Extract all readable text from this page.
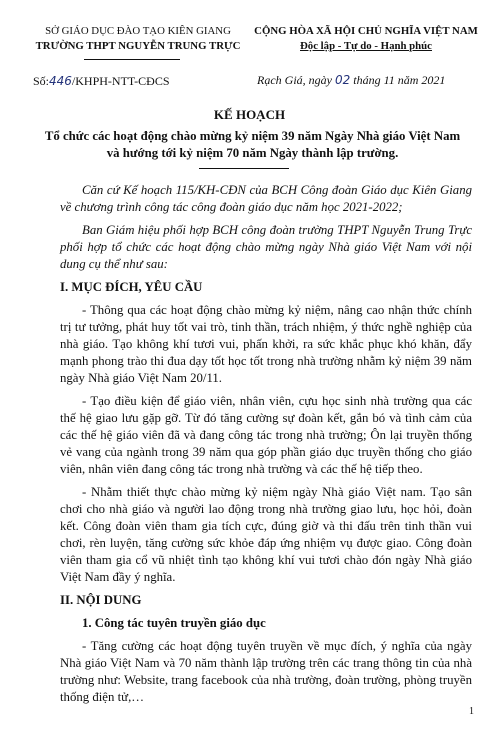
SỞ GIÁO DỤC ĐÀO TẠO KIÊN GIANG
TRƯỜNG THPT NGUYỄN TRUNG TRỰC
CỘNG HÒA XÃ HỘI CHỦ NGHĨA VIỆT NAM
Độc lập - Tự do - Hạnh phúc
Số:446/KHPH-NTT-CĐCS	Rạch Giá, ngày 02 tháng 11 năm 2021
KẾ HOẠCH
Tổ chức các hoạt động chào mừng kỷ niệm 39 năm Ngày Nhà giáo Việt Nam và hướng tới kỷ niệm 70 năm Ngày thành lập trường.

Căn cứ Kế hoạch 115/KH-CĐN của BCH Công đoàn Giáo dục Kiên Giang về chương trình công tác công đoàn giáo dục năm học 2021-2022;

Ban Giám hiệu phối hợp BCH công đoàn trường THPT Nguyễn Trung Trực phối hợp tổ chức các hoạt động chào mừng ngày Nhà giáo Việt Nam với nội dung cụ thể như sau:

I. MỤC ĐÍCH, YÊU CẦU

- Thông qua các hoạt động chào mừng kỷ niệm, nâng cao nhận thức chính trị tư tưởng, phát huy tốt vai trò, tinh thần, trách nhiệm, ý thức nghề nghiệp của nhà giáo. Tạo không khí tươi vui, phấn khởi, ra sức khắc phục khó khăn, đẩy mạnh phong trào thi đua dạy tốt học tốt trong nhà trường nhằm kỷ niệm 39 năm ngày Nhà giáo Việt Nam 20/11.

- Tạo điều kiện để giáo viên, nhân viên, cựu học sinh nhà trường qua các thế hệ giao lưu gặp gỡ. Từ đó tăng cường sự đoàn kết, gắn bó và tình cảm của các thế hệ giáo viên đã và đang công tác trong nhà trường; Ôn lại truyền thống vẻ vang của ngành trong 39 năm qua góp phần giáo dục truyền thống cho giáo viên, nhân viên đang công tác trong nhà trường và các thế hệ tiếp theo.

- Nhằm thiết thực chào mừng kỷ niệm ngày Nhà giáo Việt nam. Tạo sân chơi cho nhà giáo và người lao động trong nhà trường giao lưu, học hỏi, đoàn kết. Công đoàn viên tham gia tích cực, đúng giờ và thi đấu trên tinh thần vui chơi, rèn luyện, tăng cường sức khỏe đáp ứng nhiệm vụ được giao. Công đoàn viên tham gia cổ vũ nhiệt tình tạo không khí vui tươi chào đón ngày Nhà giáo Việt Nam đầy ý nghĩa.

II. NỘI DUNG
1. Công tác tuyên truyền giáo dục

- Tăng cường các hoạt động tuyên truyền về mục đích, ý nghĩa của ngày Nhà giáo Việt Nam và 70 năm thành lập trường trên các trang thông tin của nhà trường như: Website, trang facebook của nhà trường, đoàn trường, phòng truyền thống điện tử,…

1
